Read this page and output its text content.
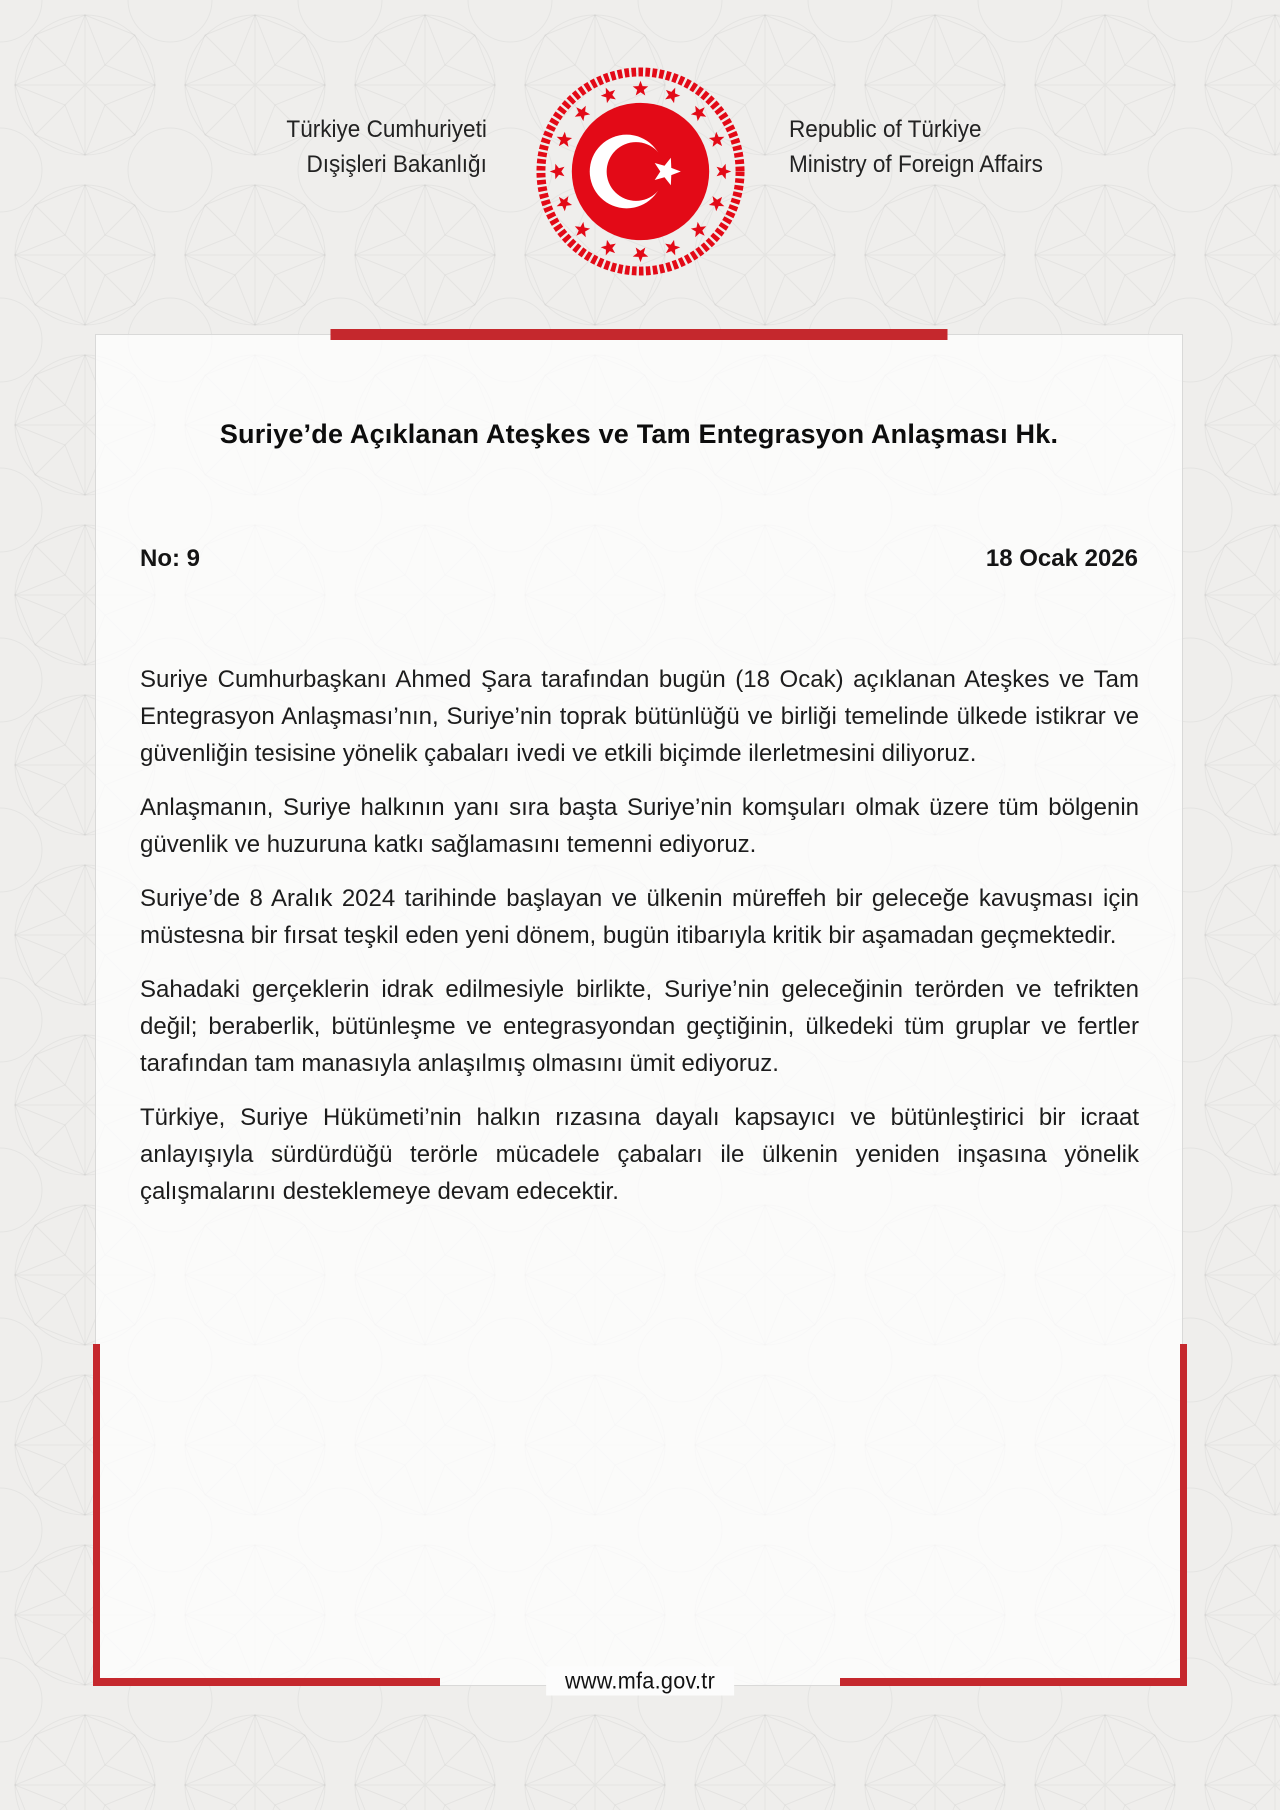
Türkiye Cumhuriyeti
Dışişleri Bakanlığı
Republic of Türkiye
Ministry of Foreign Affairs
Suriye’de Açıklanan Ateşkes ve Tam Entegrasyon Anlaşması Hk.
No: 9	18 Ocak 2026

Suriye Cumhurbaşkanı Ahmed Şara tarafından bugün (18 Ocak) açıklanan Ateşkes ve Tam Entegrasyon Anlaşması’nın, Suriye’nin toprak bütünlüğü ve birliği temelinde ülkede istikrar ve güvenliğin tesisine yönelik çabaları ivedi ve etkili biçimde ilerletmesini diliyoruz.

Anlaşmanın, Suriye halkının yanı sıra başta Suriye’nin komşuları olmak üzere tüm bölgenin güvenlik ve huzuruna katkı sağlamasını temenni ediyoruz.

Suriye’de 8 Aralık 2024 tarihinde başlayan ve ülkenin müreffeh bir geleceğe kavuşması için müstesna bir fırsat teşkil eden yeni dönem, bugün itibarıyla kritik bir aşamadan geçmektedir.

Sahadaki gerçeklerin idrak edilmesiyle birlikte, Suriye’nin geleceğinin terörden ve tefrikten değil; beraberlik, bütünleşme ve entegrasyondan geçtiğinin, ülkedeki tüm gruplar ve fertler tarafından tam manasıyla anlaşılmış olmasını ümit ediyoruz.

Türkiye, Suriye Hükümeti’nin halkın rızasına dayalı kapsayıcı ve bütünleştirici bir icraat anlayışıyla sürdürdüğü terörle mücadele çabaları ile ülkenin yeniden inşasına yönelik çalışmalarını desteklemeye devam edecektir.

www.mfa.gov.tr
